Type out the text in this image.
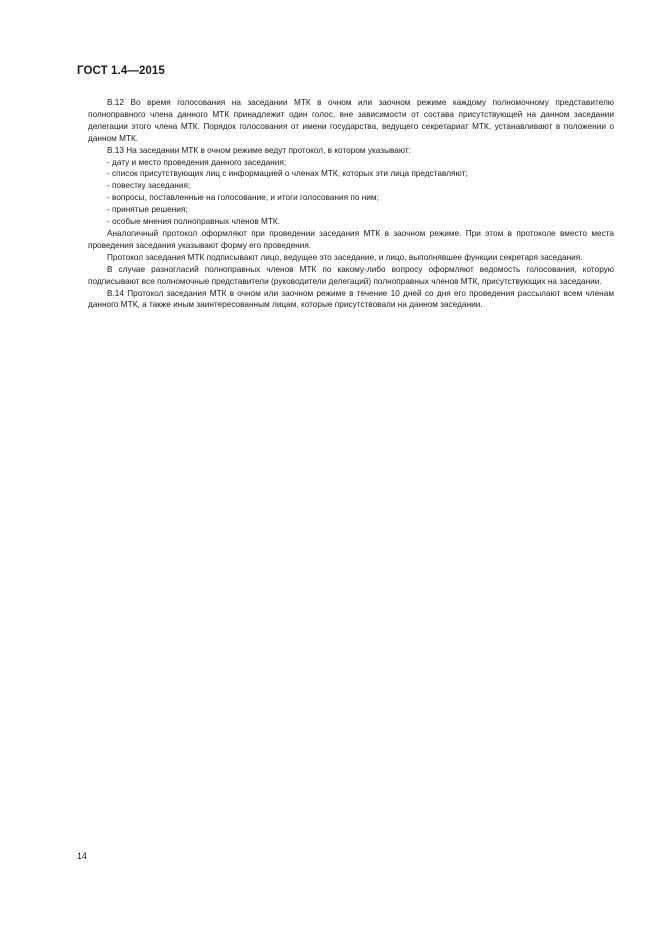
ГОСТ 1.4—2015

В.12 Во время голосования на заседании МТК в очном или заочном режиме каждому полномочному представителю полноправного члена данного МТК принадлежит один голос, вне зависимости от состава присутствующей на данном заседании делегации этого члена МТК. Порядок голосования от имени государства, ведущего секретариат МТК, устанавливают в положении о данном МТК.

В.13 На заседании МТК в очном режиме ведут протокол, в котором указывают:

- дату и место проведения данного заседания;

- список присутствующих лиц с информацией о членах МТК, которых эти лица представляют;

- повестку заседания;

- вопросы, поставленные на голосование, и итоги голосования по ним;

- принятые решения;

- особые мнения полноправных членов МТК.

Аналогичный протокол оформляют при проведении заседания МТК в заочном режиме. При этом в протоколе вместо места проведения заседания указывают форму его проведения.

Протокол заседания МТК подписывают лицо, ведущее это заседание, и лицо, выполнявшее функции секретаря заседания.

В случае разногласий полноправных членов МТК по какому-либо вопросу оформляют ведомость голосования, которую подписывают все полномочные представители (руководители делегаций) полноправных членов МТК, присутствующих на заседании.

В.14 Протокол заседания МТК в очном или заочном режиме в течение 10 дней со дня его проведения рассылают всем членам данного МТК, а также иным заинтересованным лицам, которые присутствовали на данном заседании.

14
